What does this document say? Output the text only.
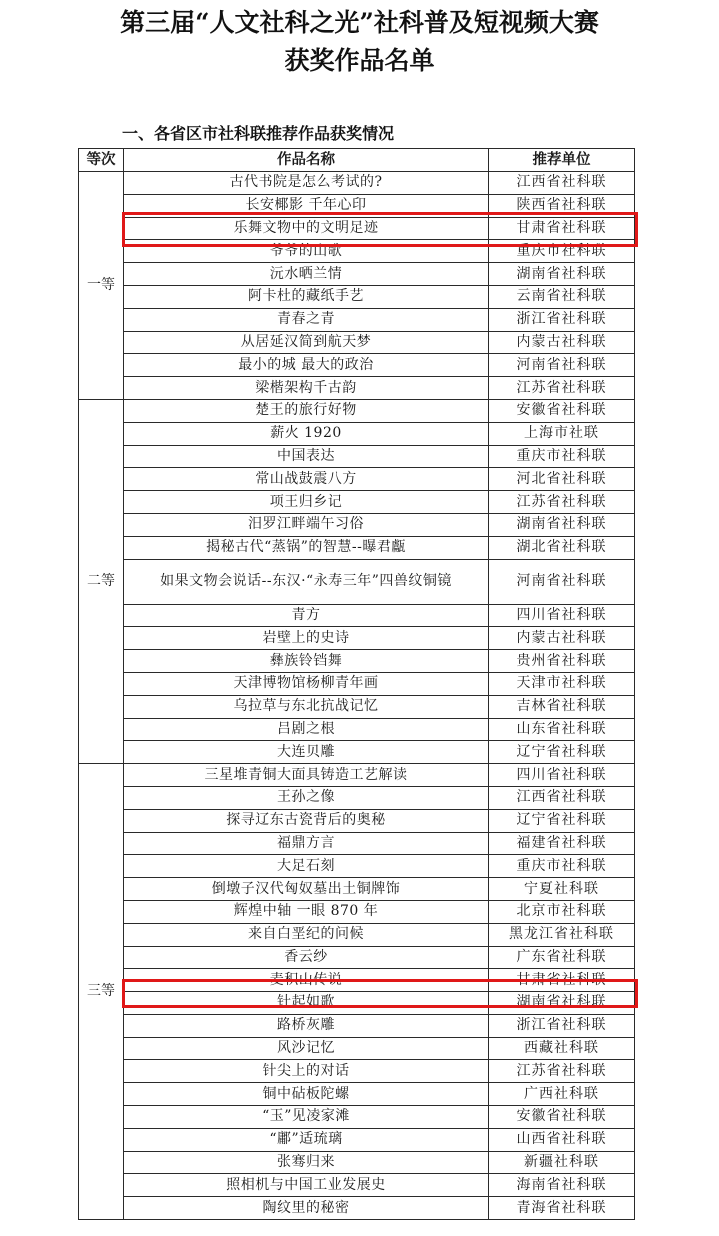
第三届“人文社科之光”社科普及短视频大赛
获奖作品名单
一、各省区市社科联推荐作品获奖情况
等次	作品名称	推荐单位
一等	古代书院是怎么考试的?	江西省社科联
	长安椰影 千年心印	陕西省社科联
	乐舞文物中的文明足迹	甘肃省社科联
	爷爷的山歌	重庆市社科联
	沅水晒兰情	湖南省社科联
	阿卡杜的藏纸手艺	云南省社科联
	青春之青	浙江省社科联
	从居延汉简到航天梦	内蒙古社科联
	最小的城 最大的政治	河南省社科联
	梁楷架构千古韵	江苏省社科联
二等	楚王的旅行好物	安徽省社科联
	薪火 1920	上海市社联
	中国表达	重庆市社科联
	常山战鼓震八方	河北省社科联
	项王归乡记	江苏省社科联
	汨罗江畔端午习俗	湖南省社科联
	揭秘古代“蒸锅”的智慧--曝君甗	湖北省社科联
	如果文物会说话--东汉·“永寿三年”四兽纹铜镜	河南省社科联
	青方	四川省社科联
	岩壁上的史诗	内蒙古社科联
	彝族铃铛舞	贵州省社科联
	天津博物馆杨柳青年画	天津市社科联
	乌拉草与东北抗战记忆	吉林省社科联
	吕剧之根	山东省社科联
	大连贝雕	辽宁省社科联
三等	三星堆青铜大面具铸造工艺解读	四川省社科联
	王孙之像	江西省社科联
	探寻辽东古瓷背后的奥秘	辽宁省社科联
	福鼎方言	福建省社科联
	大足石刻	重庆市社科联
	倒墩子汉代匈奴墓出土铜牌饰	宁夏社科联
	辉煌中轴 一眼 870 年	北京市社科联
	来自白垩纪的问候	黑龙江省社科联
	香云纱	广东省社科联
	麦积山传说	甘肃省社科联
	针起如歌	湖南省社科联
	路桥灰雕	浙江省社科联
	风沙记忆	西藏社科联
	针尖上的对话	江苏省社科联
	铜中砧板陀螺	广西社科联
	“玉”见凌家滩	安徽省社科联
	“鄘”适琉璃	山西省社科联
	张骞归来	新疆社科联
	照相机与中国工业发展史	海南省社科联
	陶纹里的秘密	青海省社科联
